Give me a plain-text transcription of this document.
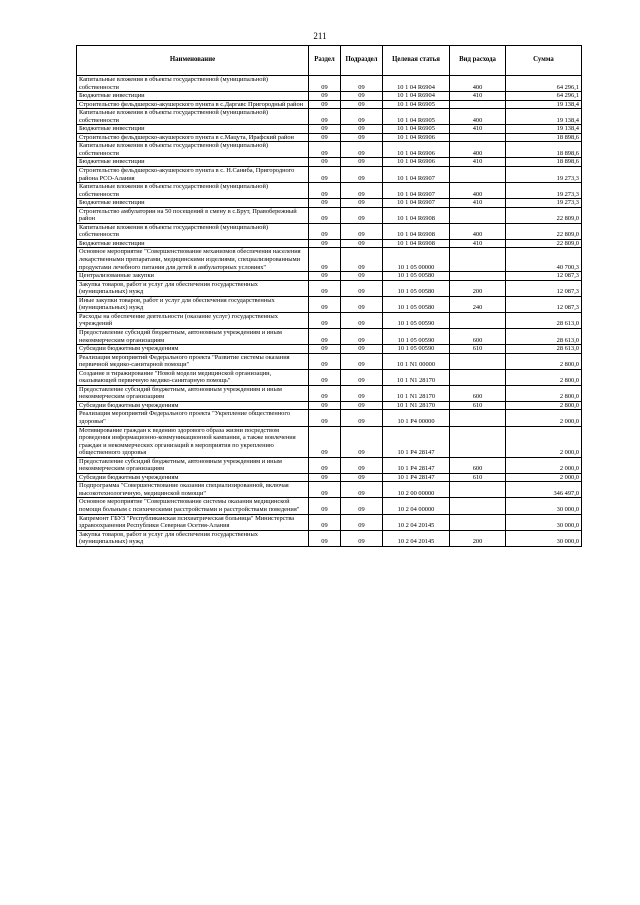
211
Наименование	Раздел	Подраздел	Целевая статья	Вид расхода	Сумма
Капитальные вложения в объекты государственной (муниципальной) собственности	09	09	10 1 04 R6904	400	64 296,1
Бюджетные инвестиции	09	09	10 1 04 R6904	410	64 296,1
Строительство фельдшерско-акушерского пункта в с.Даргавс Пригородный район	09	09	10 1 04 R6905		19 138,4
Капитальные вложения в объекты государственной (муниципальной) собственности	09	09	10 1 04 R6905	400	19 138,4
Бюджетные инвестиции	09	09	10 1 04 R6905	410	19 138,4
Строительство фельдшерско-акушерского пункта в с.Мацута, Ирафский район	09	09	10 1 04 R6906		18 898,6
Капитальные вложения в объекты государственной (муниципальной) собственности	09	09	10 1 04 R6906	400	18 898,6
Бюджетные инвестиции	09	09	10 1 04 R6906	410	18 898,6
Строительство фельдшерско-акушерского пункта в с. Н.Саниба, Пригородного района РСО-Алания	09	09	10 1 04 R6907		19 273,3
Капитальные вложения в объекты государственной (муниципальной) собственности	09	09	10 1 04 R6907	400	19 273,3
Бюджетные инвестиции	09	09	10 1 04 R6907	410	19 273,3
Строительство амбулатории на 50 посещений в смену в с.Брут, Правобережный район	09	09	10 1 04 R6908		22 809,0
Капитальные вложения в объекты государственной (муниципальной) собственности	09	09	10 1 04 R6908	400	22 809,0
Бюджетные инвестиции	09	09	10 1 04 R6908	410	22 809,0
Основное мероприятие "Совершенствование механизмов обеспечения населения лекарственными препаратами, медицинскими изделиями, специализированными продуктами лечебного питания для детей в амбулаторных условиях"	09	09	10 1 05 00000		40 700,3
Централизованные закупки	09	09	10 1 05 00580		12 087,3
Закупка товаров, работ и услуг для обеспечения государственных (муниципальных) нужд	09	09	10 1 05 00580	200	12 087,3
Иные закупки товаров, работ и услуг для обеспечения государственных (муниципальных) нужд	09	09	10 1 05 00580	240	12 087,3
Расходы на обеспечение деятельности (оказание услуг) государственных учреждений	09	09	10 1 05 00590		28 613,0
Предоставление субсидий бюджетным, автономным учреждениям и иным некоммерческим организациям	09	09	10 1 05 00590	600	28 613,0
Субсидии бюджетным учреждениям	09	09	10 1 05 00590	610	28 613,0
Реализация мероприятий Федерального проекта "Развитие системы оказания первичной медико-санитарной помощи"	09	09	10 1 N1 00000		2 800,0
Создание и тиражирование "Новой модели медицинской организации, оказывающей первичную медико-санитарную помощь"	09	09	10 1 N1 28170		2 800,0
Предоставление субсидий бюджетным, автономным учреждениям и иным некоммерческим организациям	09	09	10 1 N1 28170	600	2 800,0
Субсидии бюджетным учреждениям	09	09	10 1 N1 28170	610	2 800,0
Реализация мероприятий Федерального проекта "Укрепление общественного здоровья"	09	09	10 1 P4 00000		2 000,0
Мотивирование граждан к ведению здорового образа жизни посредством проведения информационно-коммуникационной кампании, а также вовлечения граждан и некоммерческих организаций в мероприятия по укреплению общественного здоровья	09	09	10 1 P4 28147		2 000,0
Предоставление субсидий бюджетным, автономным учреждениям и иным некоммерческим организациям	09	09	10 1 P4 28147	600	2 000,0
Субсидии бюджетным учреждениям	09	09	10 1 P4 28147	610	2 000,0
Подпрограмма "Совершенствование оказания специализированной, включая высокотехнологичную, медицинской помощи"	09	09	10 2 00 00000		346 497,0
Основное мероприятие "Совершенствование системы оказания медицинской помощи больным с психическими расстройствами и расстройствами поведения"	09	09	10 2 04 00000		30 000,0
Капремонт ГБУЗ "Республиканская психиатрическая больница" Министерства здравоохранения Республики Северная Осетия-Алания	09	09	10 2 04 20145		30 000,0
Закупка товаров, работ и услуг для обеспечения государственных (муниципальных) нужд	09	09	10 2 04 20145	200	30 000,0
